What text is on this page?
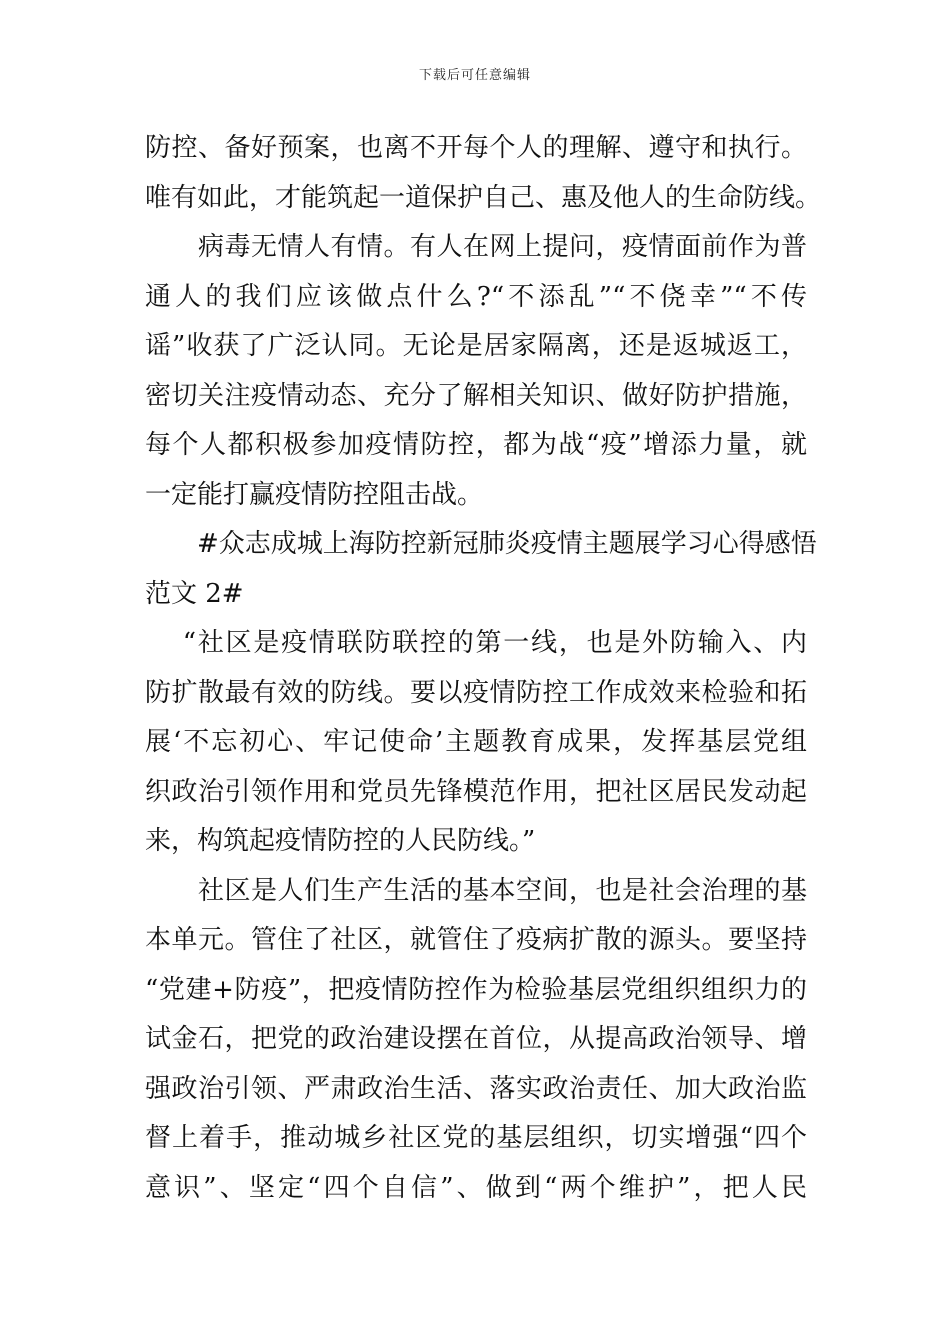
下载后可任意编辑
防控、备好预案，也离不开每个人的理解、遵守和执行。
唯有如此，才能筑起一道保护自己、惠及他人的生命防线。
　　病毒无情人有情。有人在网上提问，疫情面前作为普
通人的我们应该做点什么?“不添乱”“不侥幸”“不传
谣”收获了广泛认同。无论是居家隔离，还是返城返工，
密切关注疫情动态、充分了解相关知识、做好防护措施，
每个人都积极参加疫情防控，都为战“疫”增添力量，就
一定能打赢疫情防控阻击战。
　　#众志成城上海防控新冠肺炎疫情主题展学习心得感悟
范文 2#
　 “社区是疫情联防联控的第一线，也是外防输入、内
防扩散最有效的防线。要以疫情防控工作成效来检验和拓
展‘不忘初心、牢记使命’主题教育成果，发挥基层党组
织政治引领作用和党员先锋模范作用，把社区居民发动起
来，构筑起疫情防控的人民防线。”
　　社区是人们生产生活的基本空间，也是社会治理的基
本单元。管住了社区，就管住了疫病扩散的源头。要坚持
“党建+防疫”，把疫情防控作为检验基层党组织组织力的
试金石，把党的政治建设摆在首位，从提高政治领导、增
强政治引领、严肃政治生活、落实政治责任、加大政治监
督上着手，推动城乡社区党的基层组织，切实增强“四个
意识”、坚定“四个自信”、做到“两个维护”，把人民
